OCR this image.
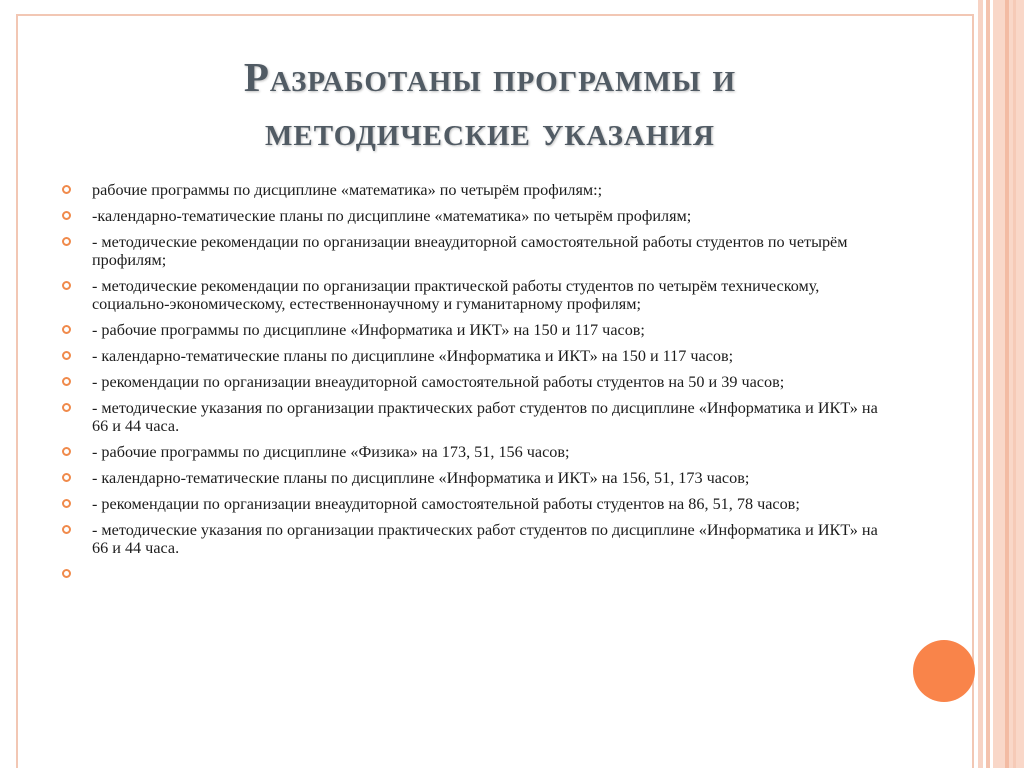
Разработаны программы и
методические указания
рабочие программы по дисциплине «математика» по четырём профилям:;
-календарно-тематические планы по дисциплине «математика» по четырём профилям;
- методические рекомендации по организации внеаудиторной самостоятельной работы студентов по четырём профилям;
- методические рекомендации по организации практической работы студентов по четырём техническому, социально-экономическому, естественнонаучному и гуманитарному профилям;
- рабочие программы по дисциплине «Информатика и ИКТ» на 150 и 117 часов;
- календарно-тематические планы по дисциплине «Информатика и ИКТ» на 150 и 117 часов;
- рекомендации по организации внеаудиторной самостоятельной работы студентов на 50 и 39 часов;
- методические указания по организации практических работ студентов по дисциплине «Информатика и ИКТ» на 66 и 44 часа.
- рабочие программы по дисциплине «Физика» на 173, 51, 156 часов;
- календарно-тематические планы по дисциплине «Информатика и ИКТ» на 156, 51, 173 часов;
- рекомендации по организации внеаудиторной самостоятельной работы студентов на 86, 51, 78 часов;
- методические указания по организации практических работ студентов по дисциплине «Информатика и ИКТ» на 66 и 44 часа.
